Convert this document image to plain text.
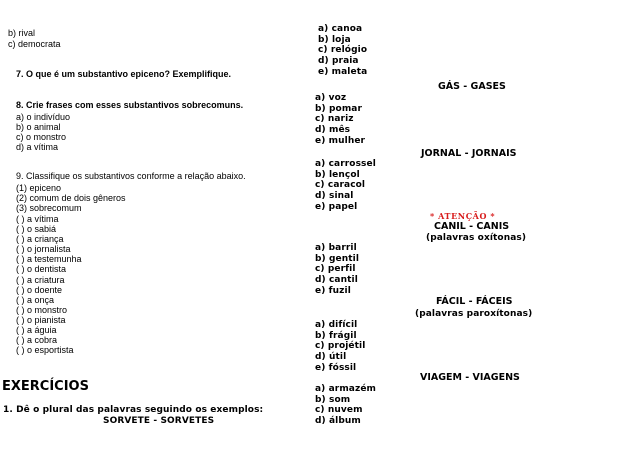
b) rival
c) democrata
7. O que é um substantivo epiceno? Exemplifique.
8. Crie frases com esses substantivos sobrecomuns.
a) o indivíduo
b) o animal
c) o monstro
d) a vítima
9. Classifique os substantivos conforme a relação abaixo.
(1) epiceno
(2) comum de dois gêneros
(3) sobrecomum
( ) a vítima
( ) o sabiá
( ) a criança
( ) o jornalista
( ) a testemunha
( ) o dentista
( ) a criatura
( ) o doente
( ) a onça
( ) o monstro
( ) o pianista
( ) a águia
( ) a cobra
( ) o esportista
EXERCÍCIOS
1. Dê o plural das palavras seguindo os exemplos:
SORVETE - SORVETES
a) canoa
b) loja
c) relógio
d) praia
e) maleta
GÁS - GASES
a) voz
b) pomar
c) nariz
d) mês
e) mulher
JORNAL - JORNAIS
a) carrossel
b) lençol
c) caracol
d) sinal
e) papel
* ATENÇÃO *
CANIL - CANIS
(palavras oxítonas)
a) barril
b) gentil
c) perfil
d) cantil
e) fuzil
FÁCIL - FÁCEIS
(palavras paroxítonas)
a) difícil
b) frágil
c) projétil
d) útil
e) fóssil
VIAGEM - VIAGENS
a) armazém
b) som
c) nuvem
d) álbum
